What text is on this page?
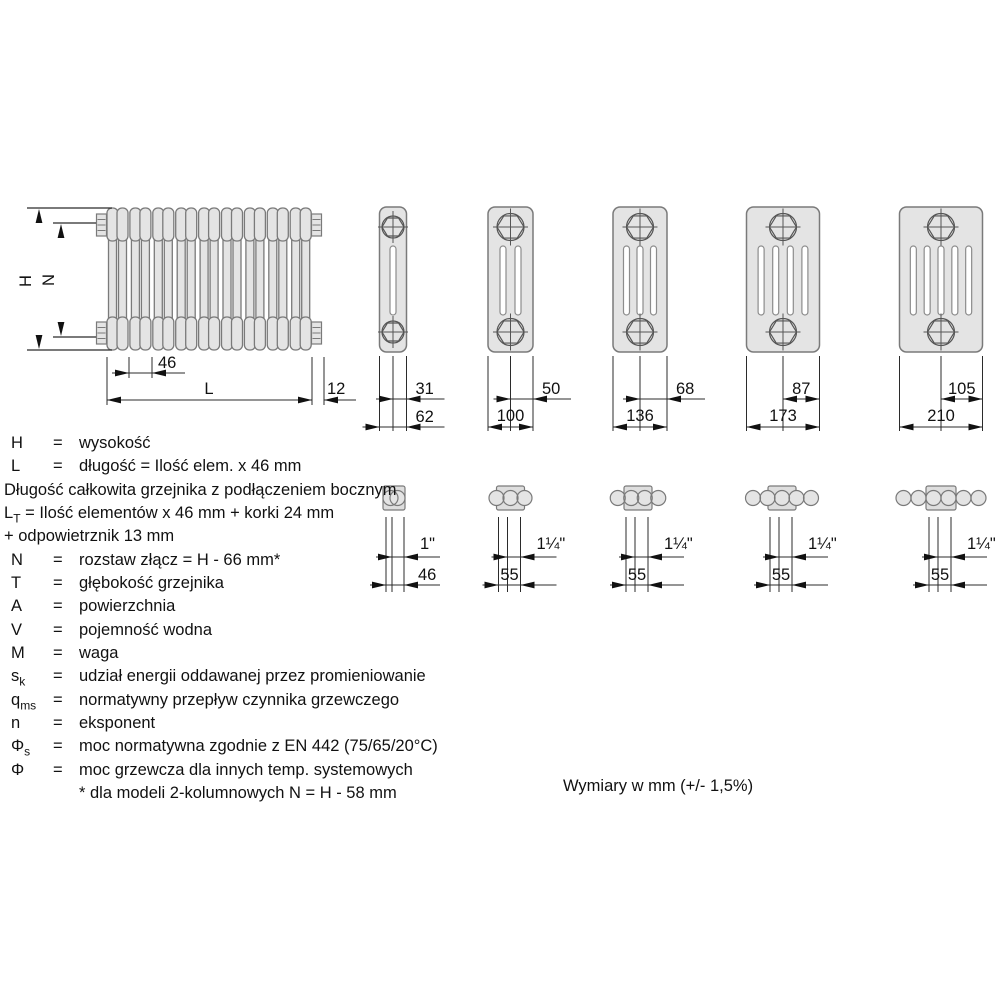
H N
46
L	12	31
62
50
100
68
136
87
173
105
210
1"
46
1¼"
55
1¼"
55
1¼"
55
1¼"
55
H = wysokość
L = długość = Ilość elem. x 46 mm
Długość całkowita grzejnika z podłączeniem bocznym
$L_T$ = Ilość elementów x 46 mm + korki 24 mm
+ odpowietrznik 13 mm
N = rozstaw złącz = H - 66 mm*
T = głębokość grzejnika
A = powierzchnia
V = pojemność wodna
M = waga
$s_k$ = udział energii oddawanej przez promieniowanie
$q_{ms}$ = normatywny przepływ czynnika grzewczego
n = eksponent
$\Phi_s$ = moc normatywna zgodnie z EN 442 (75/65/20°C)
Φ = moc grzewcza dla innych temp. systemowych
* dla modeli 2-kolumnowych N = H - 58 mm	Wymiary w mm (+/- 1,5%)
